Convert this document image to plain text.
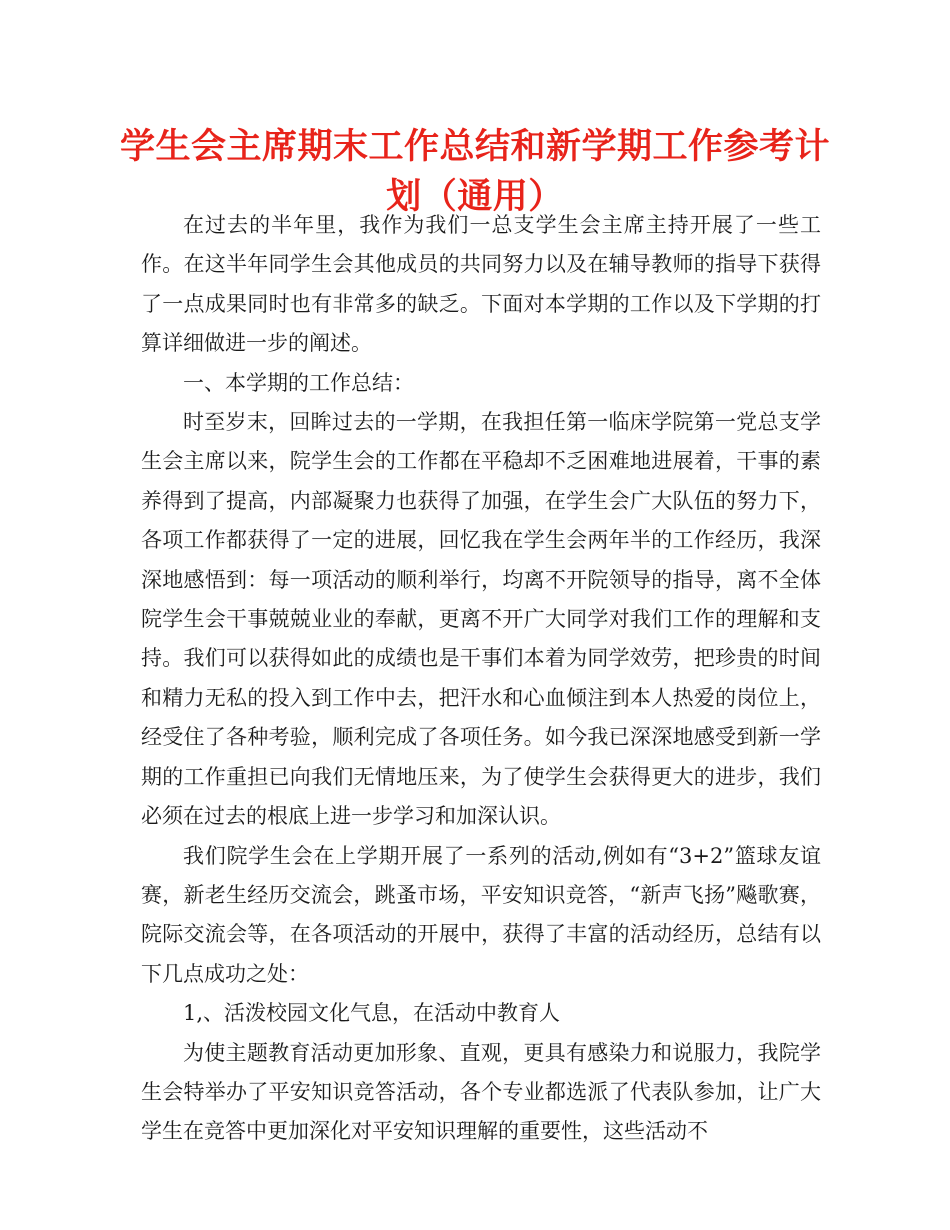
学生会主席期末工作总结和新学期工作参考计划（通用）

在过去的半年里，我作为我们一总支学生会主席主持开展了一些工作。在这半年同学生会其他成员的共同努力以及在辅导教师的指导下获得了一点成果同时也有非常多的缺乏。下面对本学期的工作以及下学期的打算详细做进一步的阐述。

一、本学期的工作总结：

时至岁末，回眸过去的一学期，在我担任第一临床学院第一党总支学生会主席以来，院学生会的工作都在平稳却不乏困难地进展着，干事的素养得到了提高，内部凝聚力也获得了加强，在学生会广大队伍的努力下，各项工作都获得了一定的进展，回忆我在学生会两年半的工作经历，我深深地感悟到：每一项活动的顺利举行，均离不开院领导的指导，离不全体院学生会干事兢兢业业的奉献，更离不开广大同学对我们工作的理解和支持。我们可以获得如此的成绩也是干事们本着为同学效劳，把珍贵的时间和精力无私的投入到工作中去，把汗水和心血倾注到本人热爱的岗位上，经受住了各种考验，顺利完成了各项任务。如今我已深深地感受到新一学期的工作重担已向我们无情地压来，为了使学生会获得更大的进步，我们必须在过去的根底上进一步学习和加深认识。

我们院学生会在上学期开展了一系列的活动,例如有“3+2”篮球友谊赛，新老生经历交流会，跳蚤市场，平安知识竞答，“新声飞扬”飚歌赛，院际交流会等，在各项活动的开展中，获得了丰富的活动经历，总结有以下几点成功之处：

1,、活泼校园文化气息，在活动中教育人

为使主题教育活动更加形象、直观，更具有感染力和说服力，我院学生会特举办了平安知识竞答活动，各个专业都选派了代表队参加，让广大学生在竞答中更加深化对平安知识理解的重要性，这些活动不
